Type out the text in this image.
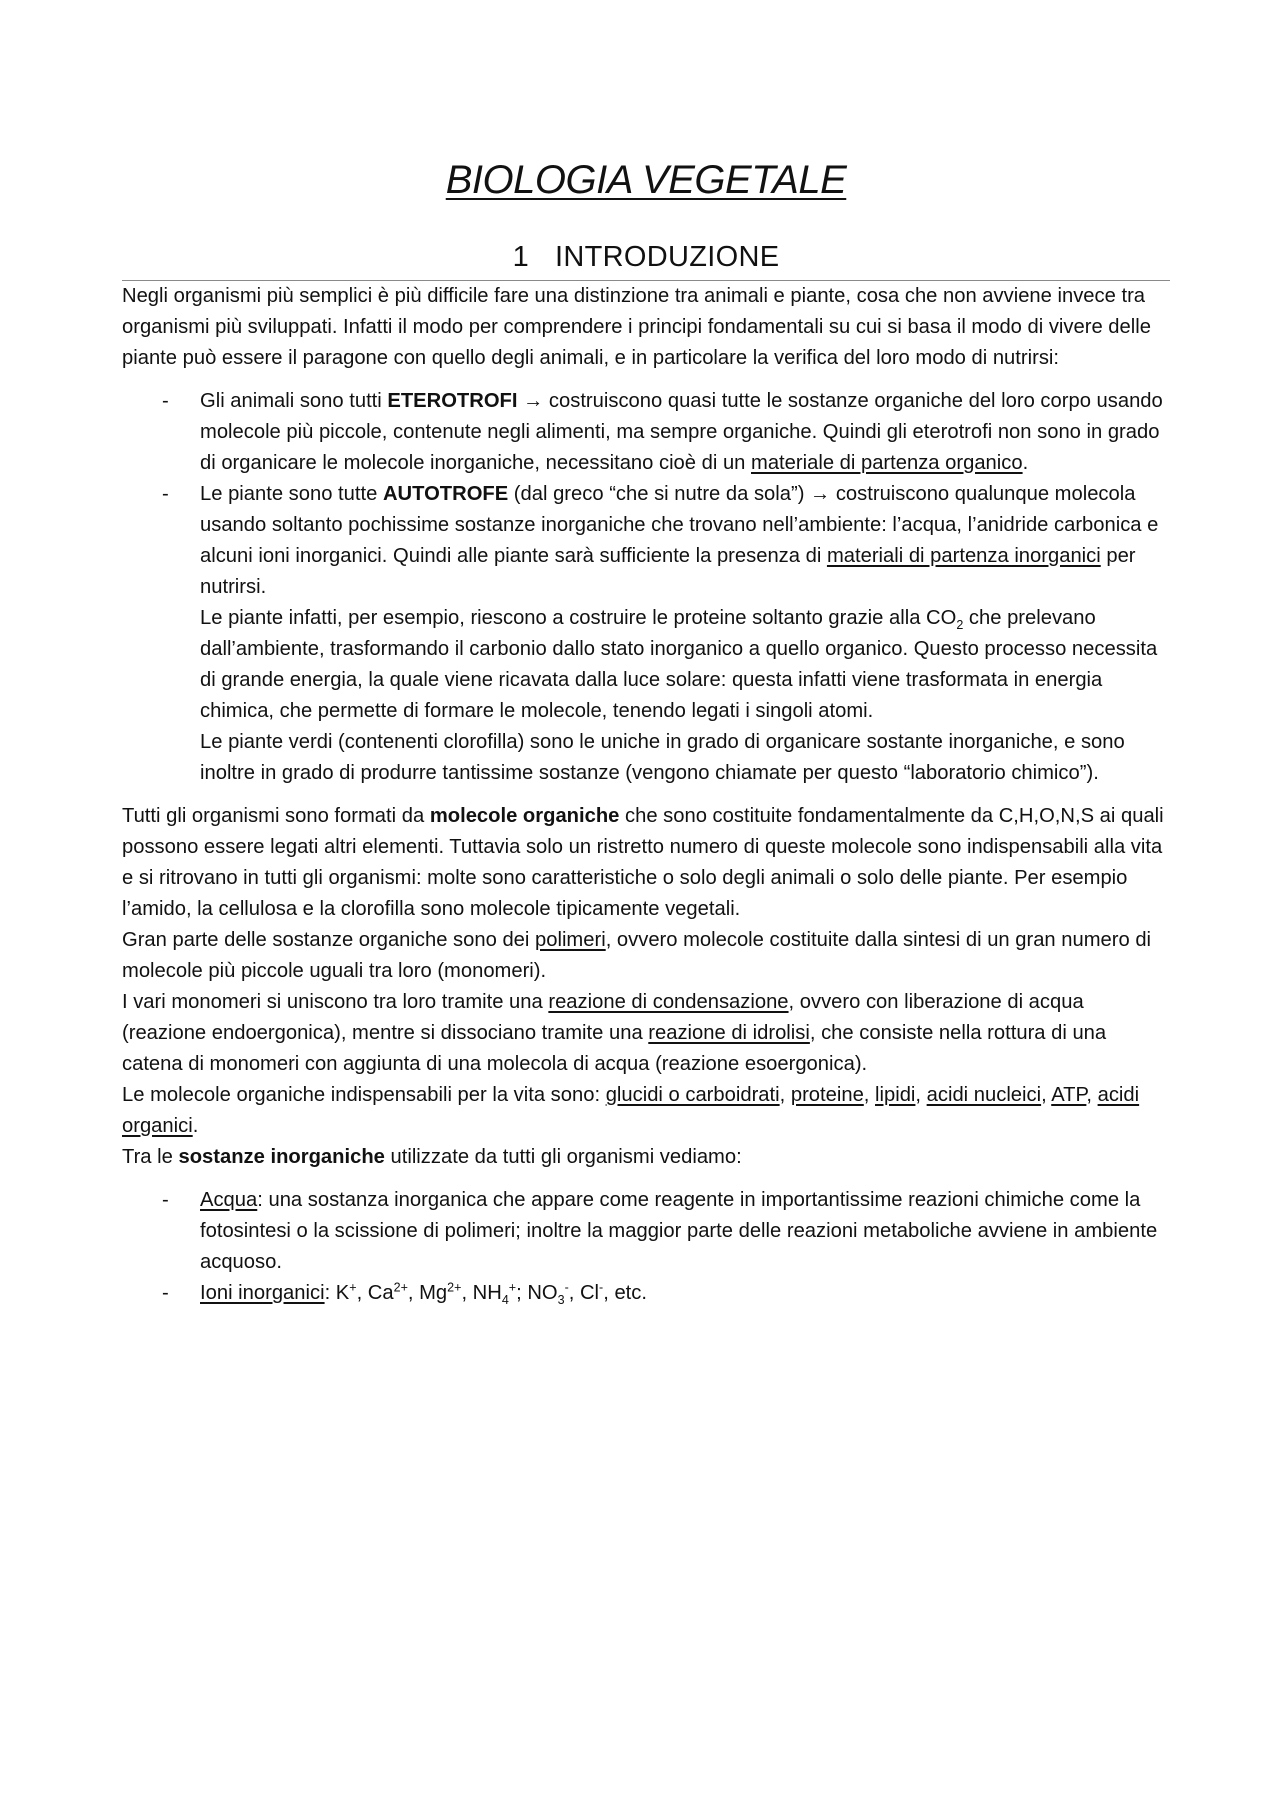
BIOLOGIA VEGETALE
1 INTRODUZIONE

Negli organismi più semplici è più difficile fare una distinzione tra animali e piante, cosa che non avviene invece tra organismi più sviluppati. Infatti il modo per comprendere i principi fondamentali su cui si basa il modo di vivere delle piante può essere il paragone con quello degli animali, e in particolare la verifica del loro modo di nutrirsi:

- Gli animali sono tutti ETEROTROFI → costruiscono quasi tutte le sostanze organiche del loro corpo usando molecole più piccole, contenute negli alimenti, ma sempre organiche. Quindi gli eterotrofi non sono in grado di organicare le molecole inorganiche, necessitano cioè di un materiale di partenza organico.
- Le piante sono tutte AUTOTROFE (dal greco “che si nutre da sola”) → costruiscono qualunque molecola usando soltanto pochissime sostanze inorganiche che trovano nell’ambiente: l’acqua, l’anidride carbonica e alcuni ioni inorganici. Quindi alle piante sarà sufficiente la presenza di materiali di partenza inorganici per nutrirsi.
Le piante infatti, per esempio, riescono a costruire le proteine soltanto grazie alla $CO_2$ che prelevano dall’ambiente, trasformando il carbonio dallo stato inorganico a quello organico. Questo processo necessita di grande energia, la quale viene ricavata dalla luce solare: questa infatti viene trasformata in energia chimica, che permette di formare le molecole, tenendo legati i singoli atomi.
Le piante verdi (contenenti clorofilla) sono le uniche in grado di organicare sostante inorganiche, e sono inoltre in grado di produrre tantissime sostanze (vengono chiamate per questo “laboratorio chimico”).

Tutti gli organismi sono formati da molecole organiche che sono costituite fondamentalmente da C,H,O,N,S ai quali possono essere legati altri elementi. Tuttavia solo un ristretto numero di queste molecole sono indispensabili alla vita e si ritrovano in tutti gli organismi: molte sono caratteristiche o solo degli animali o solo delle piante. Per esempio l’amido, la cellulosa e la clorofilla sono molecole tipicamente vegetali.

Gran parte delle sostanze organiche sono dei polimeri, ovvero molecole costituite dalla sintesi di un gran numero di molecole più piccole uguali tra loro (monomeri).

I vari monomeri si uniscono tra loro tramite una reazione di condensazione, ovvero con liberazione di acqua (reazione endoergonica), mentre si dissociano tramite una reazione di idrolisi, che consiste nella rottura di una catena di monomeri con aggiunta di una molecola di acqua (reazione esoergonica).

Le molecole organiche indispensabili per la vita sono: glucidi o carboidrati, proteine, lipidi, acidi nucleici, ATP, acidi organici.

Tra le sostanze inorganiche utilizzate da tutti gli organismi vediamo:

- Acqua: una sostanza inorganica che appare come reagente in importantissime reazioni chimiche come la fotosintesi o la scissione di polimeri; inoltre la maggior parte delle reazioni metaboliche avviene in ambiente acquoso.
- Ioni inorganici: K+, $Ca^{2+}$, $Mg^{2+}$, $NH_4^+$; $NO_3^-$, Cl-, etc.
